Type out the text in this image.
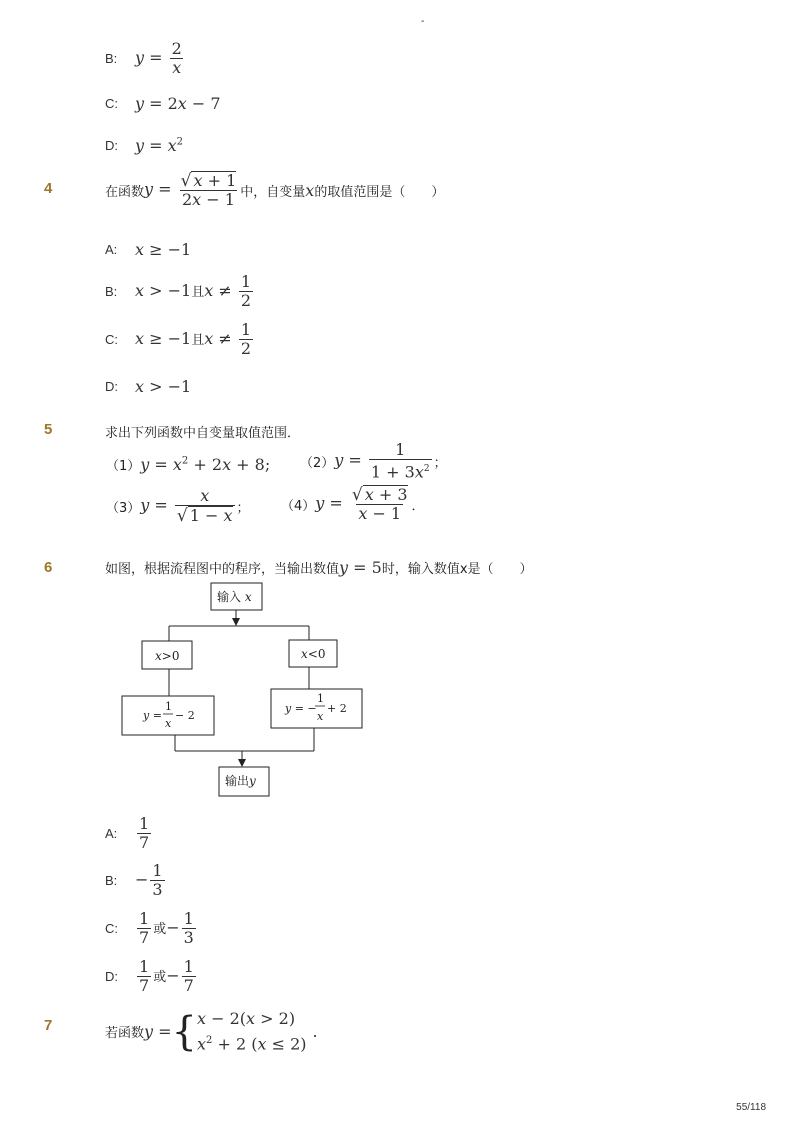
-
B:	$y = \frac{2}{x}$
C:	y = 2x − 7
D:	$y = x^2$
4	在函数 $y = \frac{√ x + 1}{2x - 1}$ 中，自变量 x 的取值范围是（　　）
A:	x ≥ −1
B:	x > −1且$x \ne \frac{1}{2}$
C:	x ≥ −1且$x \ne \frac{1}{2}$
D:	x > −1
5	求出下列函数中自变量取值范围．
（1） $y = x^2 + 2x + 8$; （2） $y = \frac{1}{1 + 3x^2}$ ；
（3） $y = \frac{x}{√ 1 - x}$ ； （4） $y = \frac{√ x + 3}{x - 1}$ ．
6	如图，根据流程图中的程序，当输出数值 y = 5 时，输入数值x是（　　）
输入 x
x>0	x<0
y =
1
x
− 2
y = −
1
x
+ 2
输出y
A:	$\frac{1}{7}$
B:	− $\frac{1}{3}$
C:	$\frac{1}{7}$ 或− $\frac{1}{3}$
D:	$\frac{1}{7}$ 或− $\frac{1}{7}$
7	若函数 y = { x − 2(x > 2)
$x^2 + 2$ (x ≤ 2)
.
55/118
